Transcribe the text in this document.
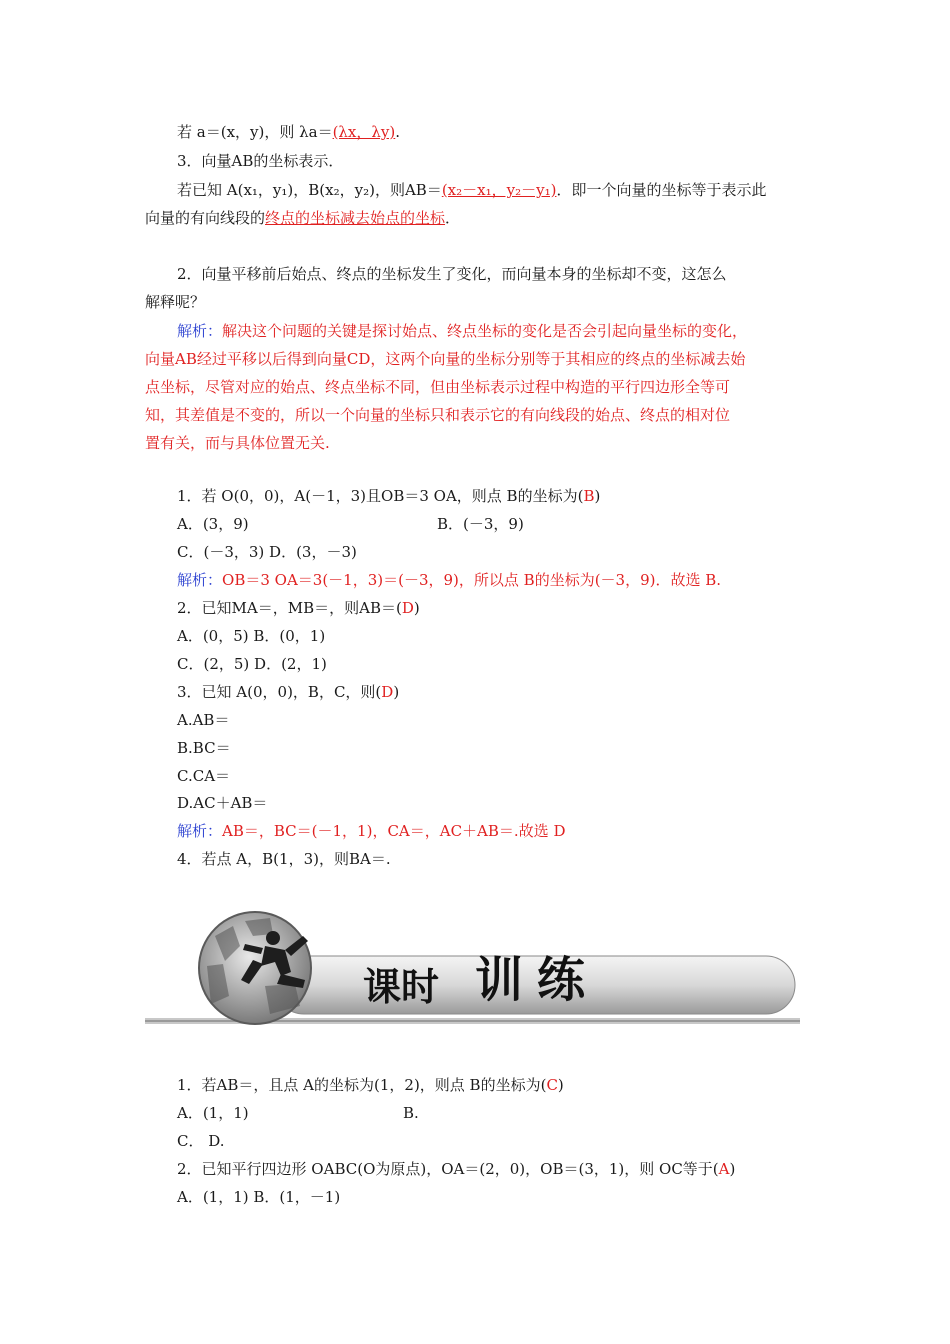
若 a＝(x，y)，则 λa＝(λx，λy).
3．向量AB的坐标表示．
若已知 A(x₁，y₁)，B(x₂，y₂)，则AB＝(x₂－x₁，y₂－y₁)．即一个向量的坐标等于表示此
向量的有向线段的终点的坐标减去始点的坐标．
2．向量平移前后始点、终点的坐标发生了变化，而向量本身的坐标却不变，这怎么
解释呢？
解析：解决这个问题的关键是探讨始点、终点坐标的变化是否会引起向量坐标的变化，
向量AB经过平移以后得到向量CD，这两个向量的坐标分别等于其相应的终点的坐标减去始
点坐标，尽管对应的始点、终点坐标不同，但由坐标表示过程中构造的平行四边形全等可
知，其差值是不变的，所以一个向量的坐标只和表示它的有向线段的始点、终点的相对位
置有关，而与具体位置无关.
1．若 O(0，0)，A(－1，3)且OB＝3 OA，则点 B的坐标为(B)
A．(3，9)	B．(－3，9)
C．(－3，3) D．(3，－3)
解析：OB＝3 OA＝3(－1，3)＝(－3，9)，所以点 B的坐标为(－3，9)．故选 B.
2．已知MA＝，MB＝，则AB＝(D)
A．(0，5) B．(0，1)
C．(2，5) D．(2，1)
3．已知 A(0，0)，B，C，则(D)
A.AB＝
B.BC＝
C.CA＝
D.AC＋AB＝
解析：AB＝，BC＝(－1，1)，CA＝，AC＋AB＝.故选 D
4．若点 A，B(1，3)，则BA＝.
课时 训练
1．若AB＝，且点 A的坐标为(1，2)，则点 B的坐标为(C)
A．(1，1)	B.
C． D.
2．已知平行四边形 OABC(O为原点)，OA＝(2，0)，OB＝(3，1)，则 OC等于(A)
A．(1，1) B．(1，－1)
